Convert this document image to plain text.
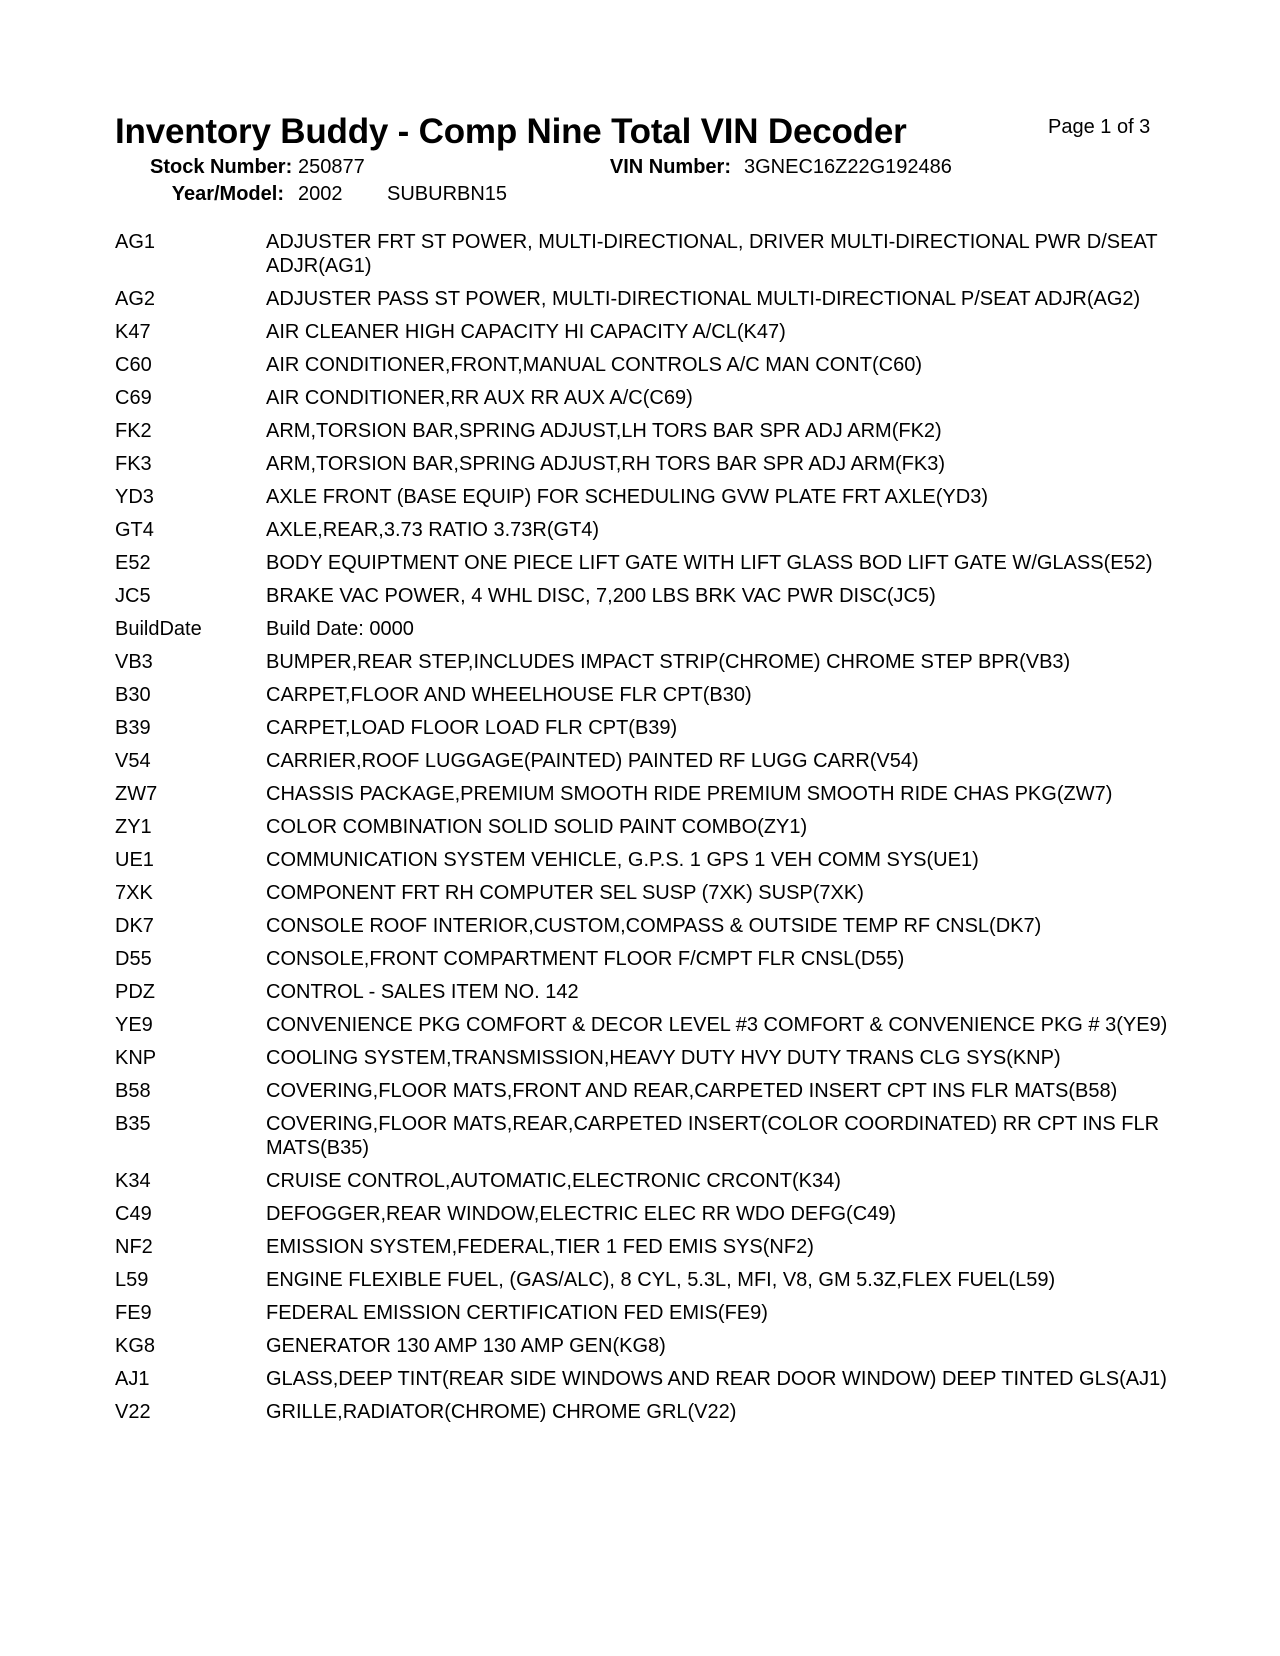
Inventory Buddy - Comp Nine Total VIN Decoder	Page 1 of 3
Stock Number: 250877	VIN Number: 3GNEC16Z22G192486
Year/Model: 2002 SUBURBN15
AG1	ADJUSTER FRT ST POWER, MULTI-DIRECTIONAL, DRIVER MULTI-DIRECTIONAL PWR D/SEAT ADJR(AG1)
AG2	ADJUSTER PASS ST POWER, MULTI-DIRECTIONAL MULTI-DIRECTIONAL P/SEAT ADJR(AG2)
K47	AIR CLEANER HIGH CAPACITY HI CAPACITY A/CL(K47)
C60	AIR CONDITIONER,FRONT,MANUAL CONTROLS A/C MAN CONT(C60)
C69	AIR CONDITIONER,RR AUX RR AUX A/C(C69)
FK2	ARM,TORSION BAR,SPRING ADJUST,LH TORS BAR SPR ADJ ARM(FK2)
FK3	ARM,TORSION BAR,SPRING ADJUST,RH TORS BAR SPR ADJ ARM(FK3)
YD3	AXLE FRONT (BASE EQUIP) FOR SCHEDULING GVW PLATE FRT AXLE(YD3)
GT4	AXLE,REAR,3.73 RATIO 3.73R(GT4)
E52	BODY EQUIPTMENT ONE PIECE LIFT GATE WITH LIFT GLASS BOD LIFT GATE W/GLASS(E52)
JC5	BRAKE VAC POWER, 4 WHL DISC, 7,200 LBS BRK VAC PWR DISC(JC5)
BuildDate	Build Date: 0000
VB3	BUMPER,REAR STEP,INCLUDES IMPACT STRIP(CHROME) CHROME STEP BPR(VB3)
B30	CARPET,FLOOR AND WHEELHOUSE FLR CPT(B30)
B39	CARPET,LOAD FLOOR LOAD FLR CPT(B39)
V54	CARRIER,ROOF LUGGAGE(PAINTED) PAINTED RF LUGG CARR(V54)
ZW7	CHASSIS PACKAGE,PREMIUM SMOOTH RIDE PREMIUM SMOOTH RIDE CHAS PKG(ZW7)
ZY1	COLOR COMBINATION SOLID SOLID PAINT COMBO(ZY1)
UE1	COMMUNICATION SYSTEM VEHICLE, G.P.S. 1 GPS 1 VEH COMM SYS(UE1)
7XK	COMPONENT FRT RH COMPUTER SEL SUSP (7XK) SUSP(7XK)
DK7	CONSOLE ROOF INTERIOR,CUSTOM,COMPASS & OUTSIDE TEMP RF CNSL(DK7)
D55	CONSOLE,FRONT COMPARTMENT FLOOR F/CMPT FLR CNSL(D55)
PDZ	CONTROL - SALES ITEM NO. 142
YE9	CONVENIENCE PKG COMFORT & DECOR LEVEL #3 COMFORT & CONVENIENCE PKG # 3(YE9)
KNP	COOLING SYSTEM,TRANSMISSION,HEAVY DUTY HVY DUTY TRANS CLG SYS(KNP)
B58	COVERING,FLOOR MATS,FRONT AND REAR,CARPETED INSERT CPT INS FLR MATS(B58)
B35	COVERING,FLOOR MATS,REAR,CARPETED INSERT(COLOR COORDINATED) RR CPT INS FLR MATS(B35)
K34	CRUISE CONTROL,AUTOMATIC,ELECTRONIC CRCONT(K34)
C49	DEFOGGER,REAR WINDOW,ELECTRIC ELEC RR WDO DEFG(C49)
NF2	EMISSION SYSTEM,FEDERAL,TIER 1 FED EMIS SYS(NF2)
L59	ENGINE FLEXIBLE FUEL, (GAS/ALC), 8 CYL, 5.3L, MFI, V8, GM 5.3Z,FLEX FUEL(L59)
FE9	FEDERAL EMISSION CERTIFICATION FED EMIS(FE9)
KG8	GENERATOR 130 AMP 130 AMP GEN(KG8)
AJ1	GLASS,DEEP TINT(REAR SIDE WINDOWS AND REAR DOOR WINDOW) DEEP TINTED GLS(AJ1)
V22	GRILLE,RADIATOR(CHROME) CHROME GRL(V22)
